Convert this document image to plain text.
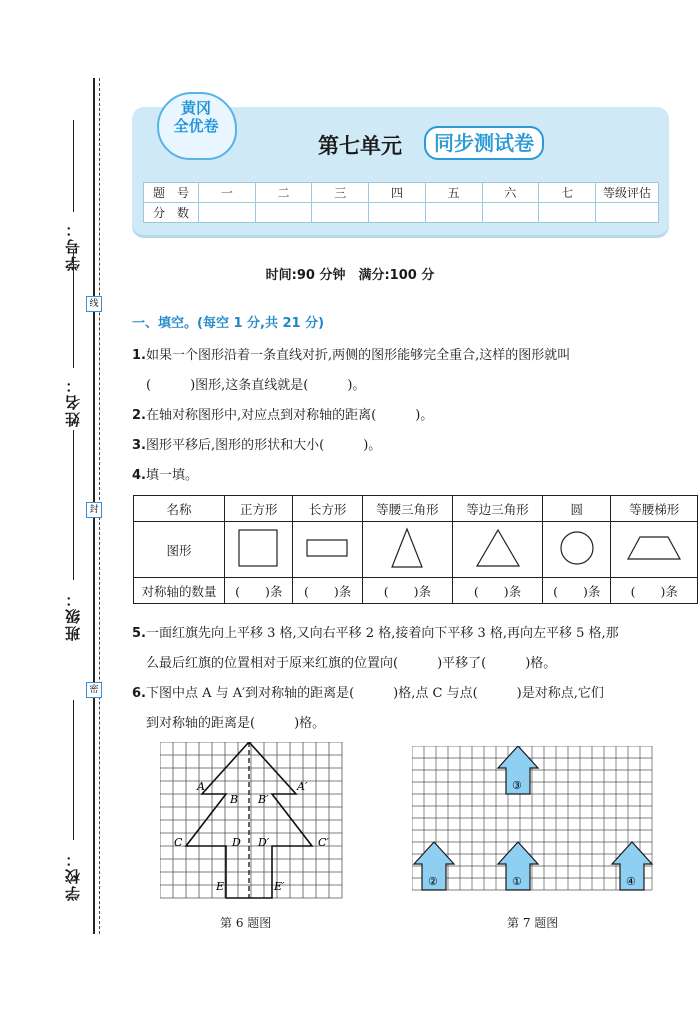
学号：
姓名：
班级：
学校：
线
封
密
黄冈
全优卷
第七单元	同步测试卷
题　号	一	二	三	四	五	六	七	等级评估
分　数								
时间:90 分钟　满分:100 分
一、填空。(每空 1 分,共 21 分)
1.如果一个图形沿着一条直线对折,两侧的图形能够完全重合,这样的图形就叫
(　　　)图形,这条直线就是(　　　)。
2.在轴对称图形中,对应点到对称轴的距离(　　　)。
3.图形平移后,图形的形状和大小(　　　)。
4.填一填。
名称	正方形	长方形	等腰三角形	等边三角形	圆	等腰梯形
图形						
对称轴的数量	(　　)条	(　　)条	(　　)条	(　　)条	(　　)条	(　　)条
5.一面红旗先向上平移 3 格,又向右平移 2 格,接着向下平移 3 格,再向左平移 5 格,那
么最后红旗的位置相对于原来红旗的位置向(　　　)平移了(　　　)格。
6.下图中点 A 与 A′到对称轴的距离是(　　　)格,点 C 与点(　　　)是对称点,它们
到对称轴的距离是(　　　)格。
A	A′
B B′
C	C′
D D′
E	E′
第 6 题图
③
②	①	④
第 7 题图
